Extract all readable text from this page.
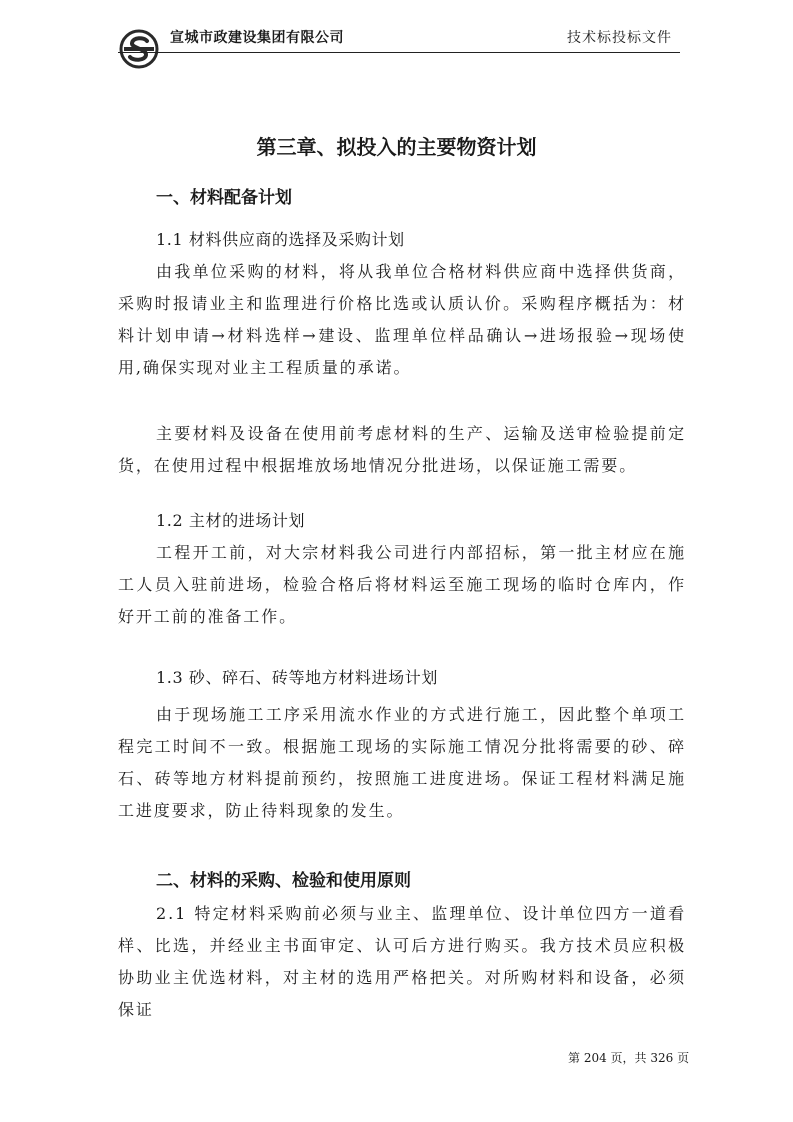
宣城市政建设集团有限公司	技术标投标文件
第三章、拟投入的主要物资计划
一、材料配备计划
1.1 材料供应商的选择及采购计划
由我单位采购的材料，将从我单位合格材料供应商中选择供货商，采购时报请业主和监理进行价格比选或认质认价。采购程序概括为：材料计划申请→材料选样→建设、监理单位样品确认→进场报验→现场使用,确保实现对业主工程质量的承诺。
主要材料及设备在使用前考虑材料的生产、运输及送审检验提前定货，在使用过程中根据堆放场地情况分批进场，以保证施工需要。
1.2 主材的进场计划
工程开工前，对大宗材料我公司进行内部招标，第一批主材应在施工人员入驻前进场，检验合格后将材料运至施工现场的临时仓库内，作好开工前的准备工作。
1.3 砂、碎石、砖等地方材料进场计划
由于现场施工工序采用流水作业的方式进行施工，因此整个单项工程完工时间不一致。根据施工现场的实际施工情况分批将需要的砂、碎石、砖等地方材料提前预约，按照施工进度进场。保证工程材料满足施工进度要求，防止待料现象的发生。
二、材料的采购、检验和使用原则
2.1 特定材料采购前必须与业主、监理单位、设计单位四方一道看样、比选，并经业主书面审定、认可后方进行购买。我方技术员应积极协助业主优选材料，对主材的选用严格把关。对所购材料和设备，必须保证
第 204 页，共 326 页
